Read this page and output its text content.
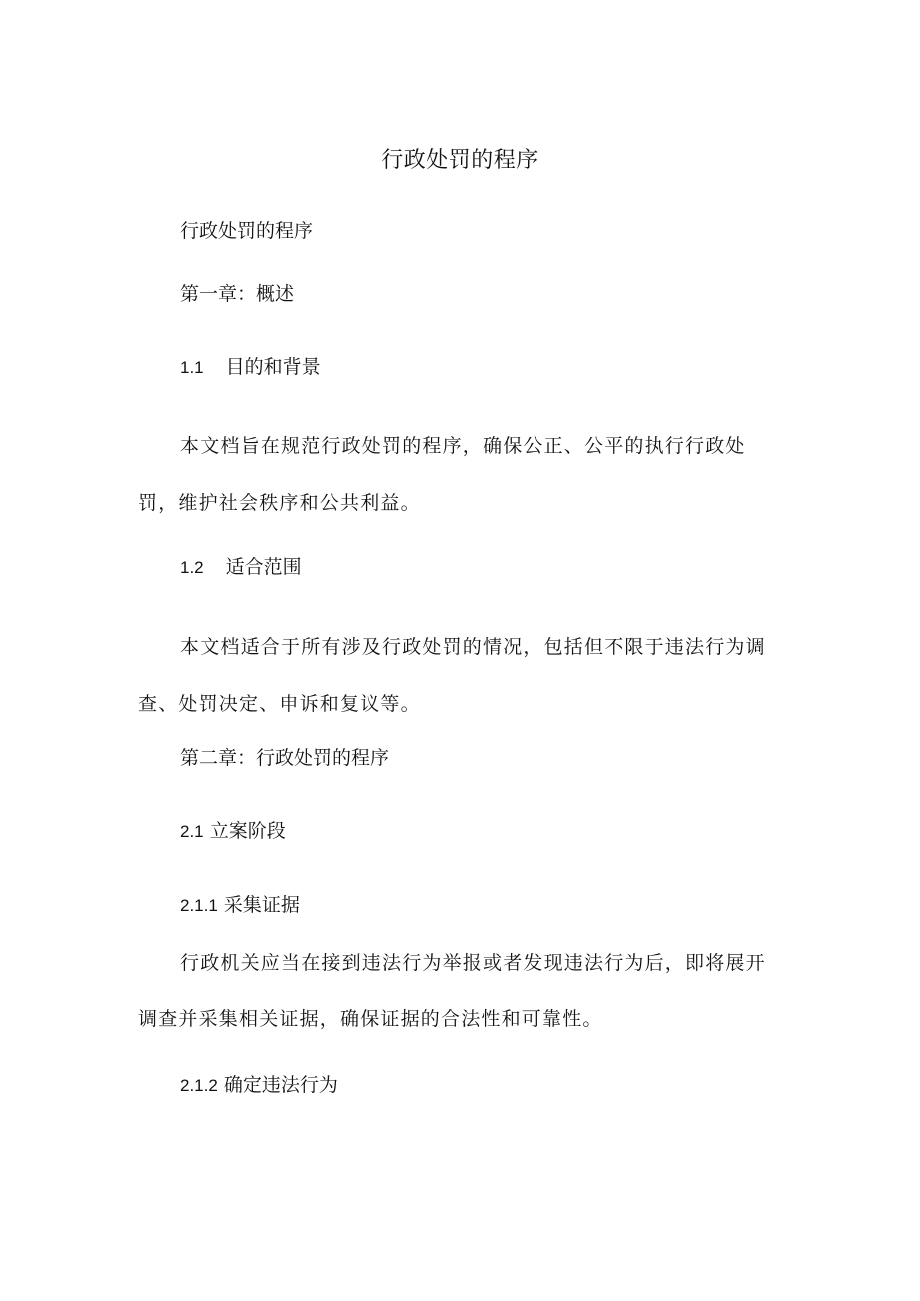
行政处罚的程序

行政处罚的程序

第一章：概述

1.1 目的和背景

本文档旨在规范行政处罚的程序，确保公正、公平的执行行政处罚，维护社会秩序和公共利益。

1.2 适合范围

本文档适合于所有涉及行政处罚的情况，包括但不限于违法行为调查、处罚决定、申诉和复议等。

第二章：行政处罚的程序

2.1 立案阶段

2.1.1 采集证据

行政机关应当在接到违法行为举报或者发现违法行为后，即将展开调查并采集相关证据，确保证据的合法性和可靠性。

2.1.2 确定违法行为
